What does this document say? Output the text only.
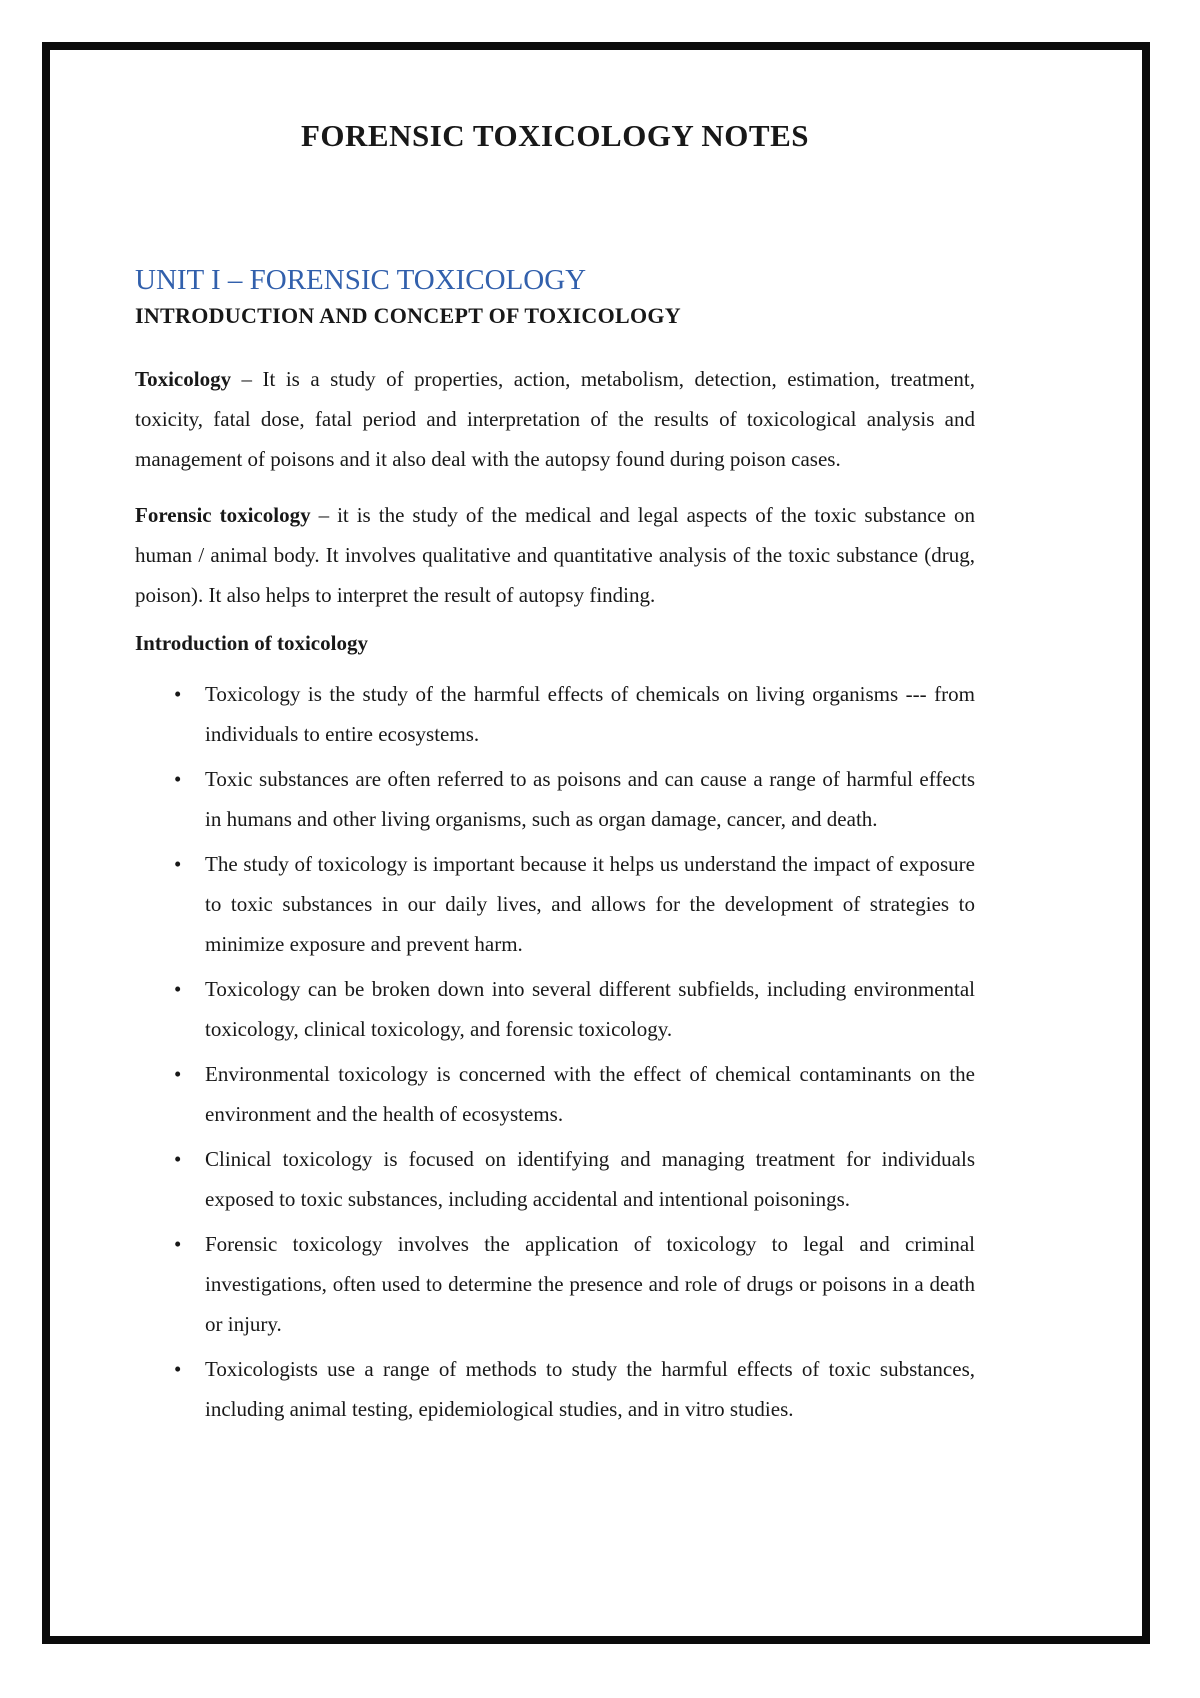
FORENSIC TOXICOLOGY NOTES
UNIT I – FORENSIC TOXICOLOGY
INTRODUCTION AND CONCEPT OF TOXICOLOGY

Toxicology – It is a study of properties, action, metabolism, detection, estimation, treatment, toxicity, fatal dose, fatal period and interpretation of the results of toxicological analysis and management of poisons and it also deal with the autopsy found during poison cases.

Forensic toxicology – it is the study of the medical and legal aspects of the toxic substance on human / animal body. It involves qualitative and quantitative analysis of the toxic substance (drug, poison). It also helps to interpret the result of autopsy finding.

Introduction of toxicology
• Toxicology is the study of the harmful effects of chemicals on living organisms --- from individuals to entire ecosystems.
• Toxic substances are often referred to as poisons and can cause a range of harmful effects in humans and other living organisms, such as organ damage, cancer, and death.
• The study of toxicology is important because it helps us understand the impact of exposure to toxic substances in our daily lives, and allows for the development of strategies to minimize exposure and prevent harm.
• Toxicology can be broken down into several different subfields, including environmental toxicology, clinical toxicology, and forensic toxicology.
• Environmental toxicology is concerned with the effect of chemical contaminants on the environment and the health of ecosystems.
• Clinical toxicology is focused on identifying and managing treatment for individuals exposed to toxic substances, including accidental and intentional poisonings.
• Forensic toxicology involves the application of toxicology to legal and criminal investigations, often used to determine the presence and role of drugs or poisons in a death or injury.
• Toxicologists use a range of methods to study the harmful effects of toxic substances, including animal testing, epidemiological studies, and in vitro studies.
